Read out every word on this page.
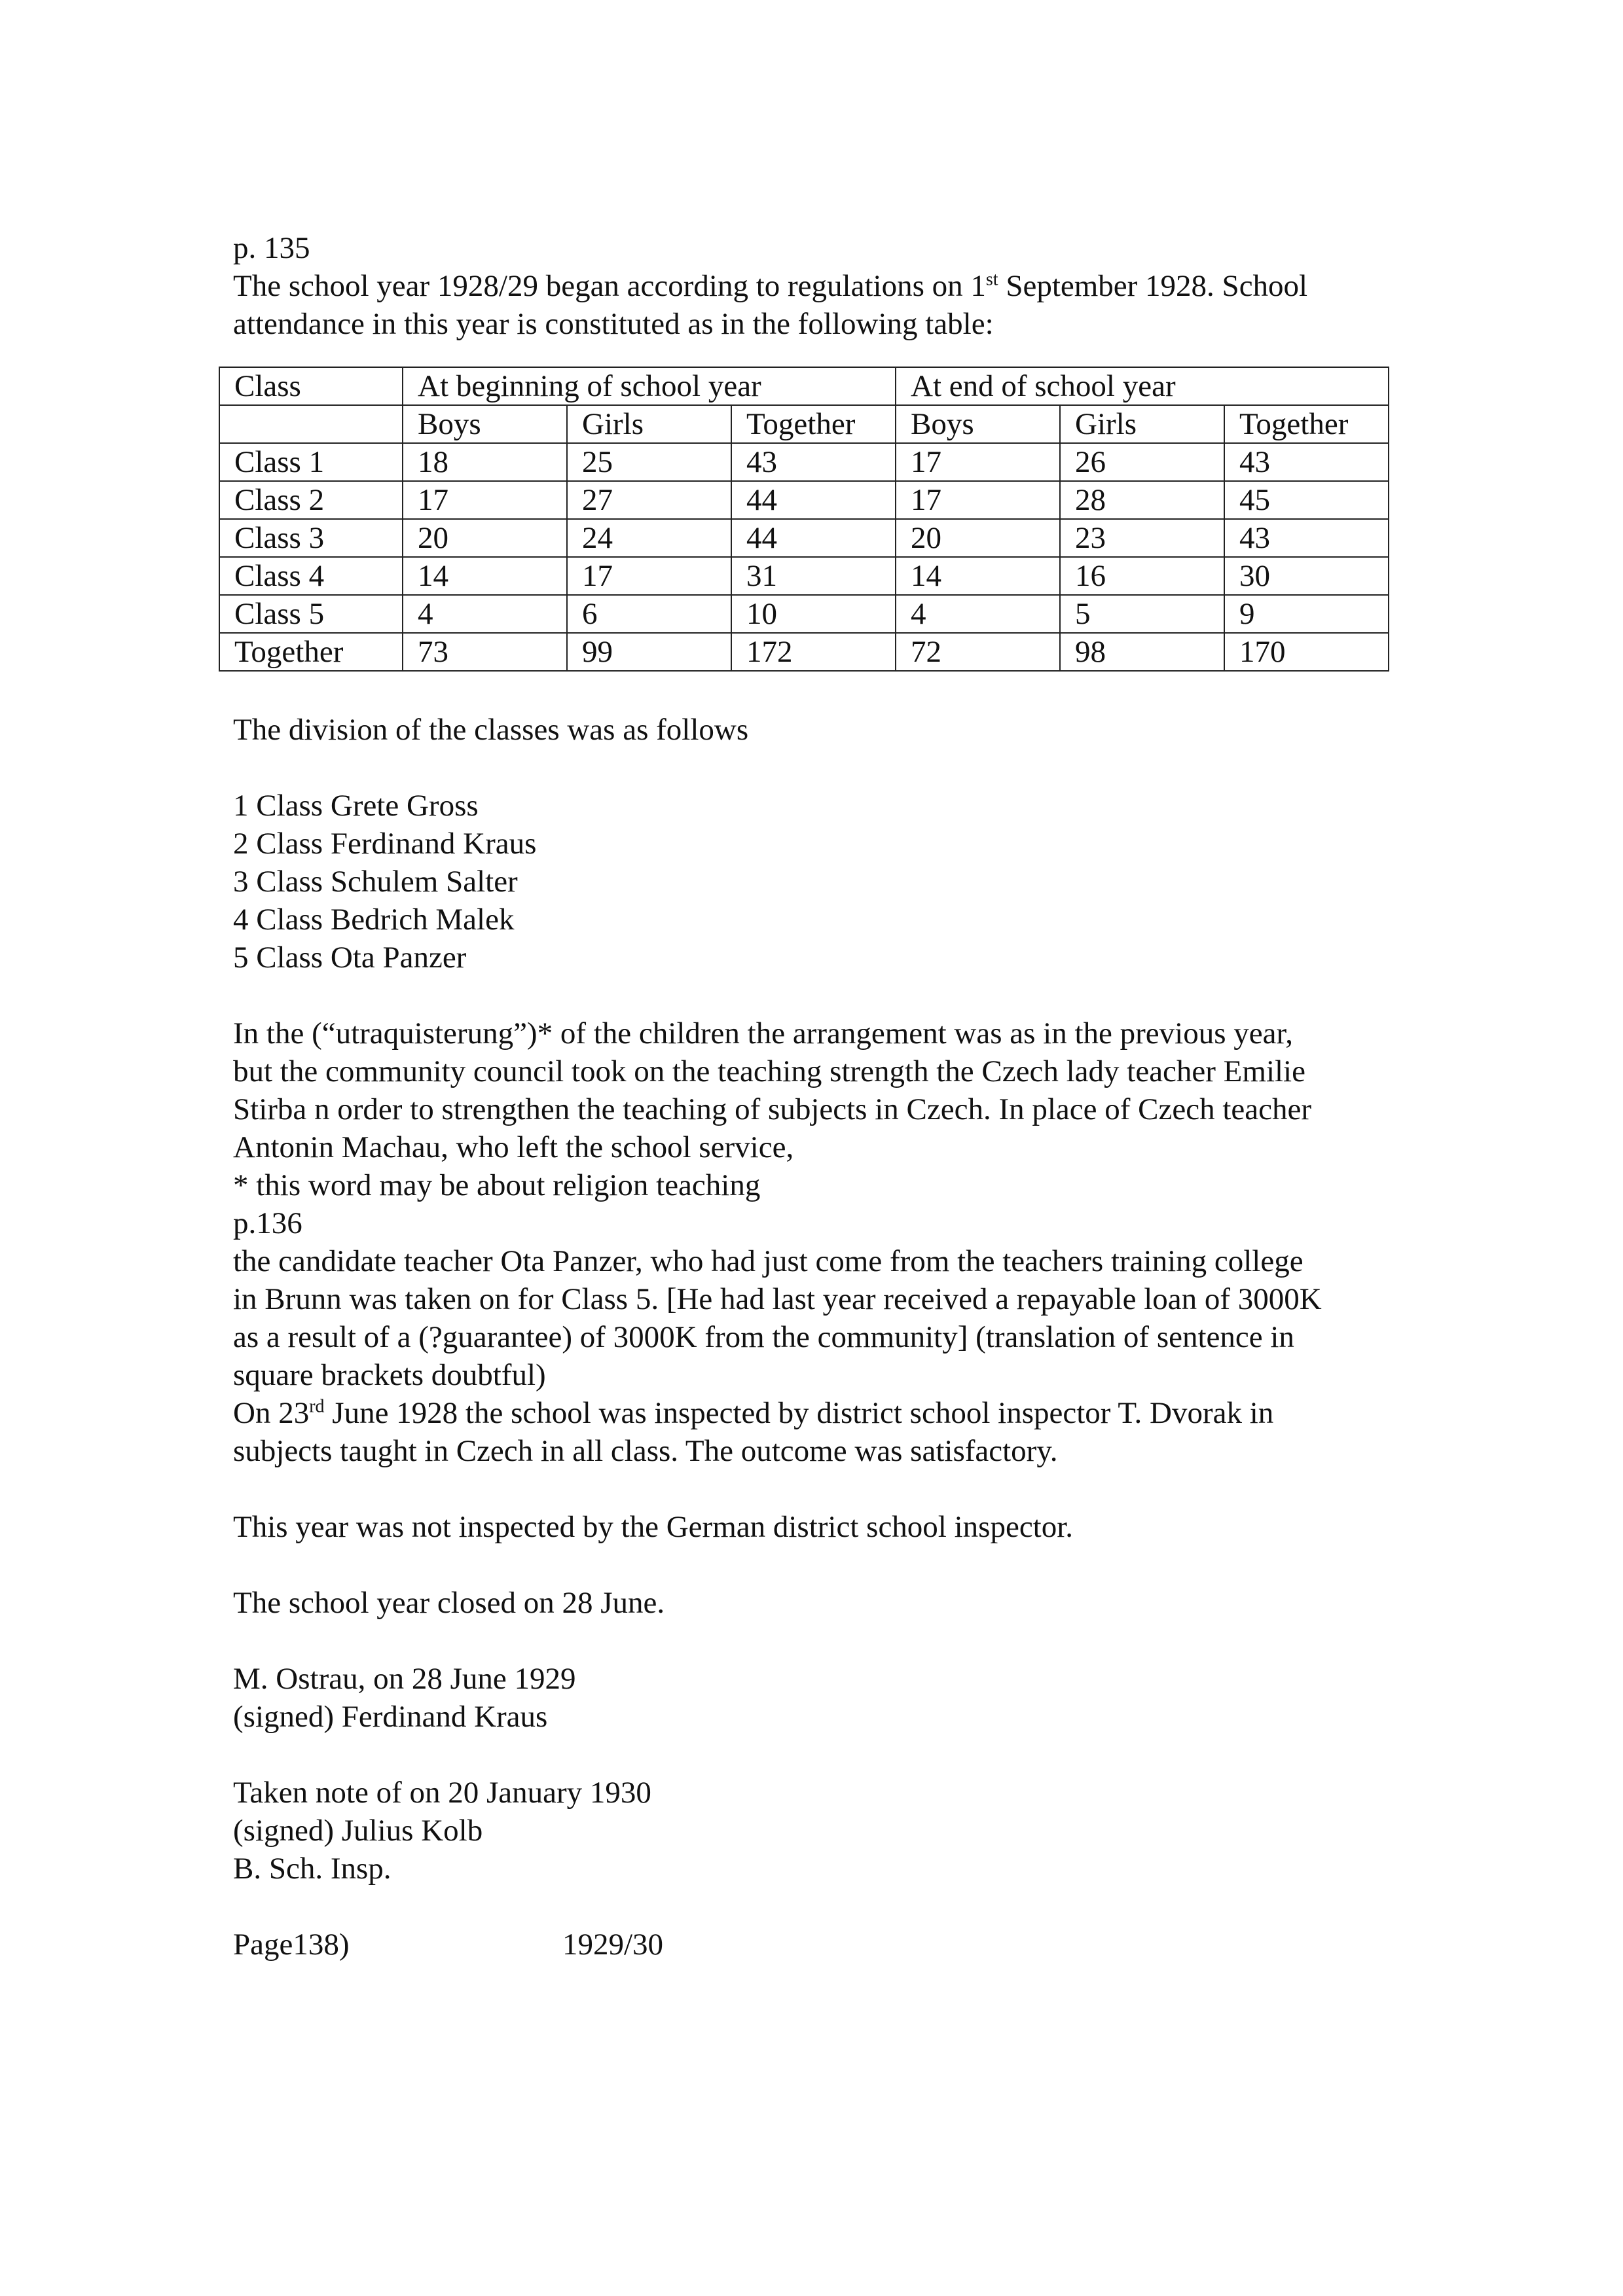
p. 135

The school year 1928/29 began according to regulations on 1st September 1928. School

attendance in this year is constituted as in the following table:

Class	At beginning of school year			At end of school year		
	Boys	Girls	Together	Boys	Girls	Together
Class 1	18	25	43	17	26	43
Class 2	17	27	44	17	28	45
Class 3	20	24	44	20	23	43
Class 4	14	17	31	14	16	30
Class 5	4	6	10	4	5	9
Together	73	99	172	72	98	170

The division of the classes was as follows

1 Class Grete Gross

2 Class Ferdinand Kraus

3 Class Schulem Salter

4 Class Bedrich Malek

5 Class Ota Panzer

In the (“utraquisterung”)* of the children the arrangement was as in the previous year,

but the community council took on the teaching strength the Czech lady teacher Emilie

Stirba n order to strengthen the teaching of subjects in Czech. In place of Czech teacher

Antonin Machau, who left the school service,

* this word may be about religion teaching

p.136

the candidate teacher Ota Panzer, who had just come from the teachers training college

in Brunn was taken on for Class 5. [He had last year received a repayable loan of 3000K

as a result of a (?guarantee) of 3000K from the community] (translation of sentence in

square brackets doubtful)

On 23rd June 1928 the school was inspected by district school inspector T. Dvorak in

subjects taught in Czech in all class. The outcome was satisfactory.

This year was not inspected by the German district school inspector.

The school year closed on 28 June.

M. Ostrau, on 28 June 1929

(signed) Ferdinand Kraus

Taken note of on 20 January 1930

(signed) Julius Kolb

B. Sch. Insp.

Page138)	1929/30
